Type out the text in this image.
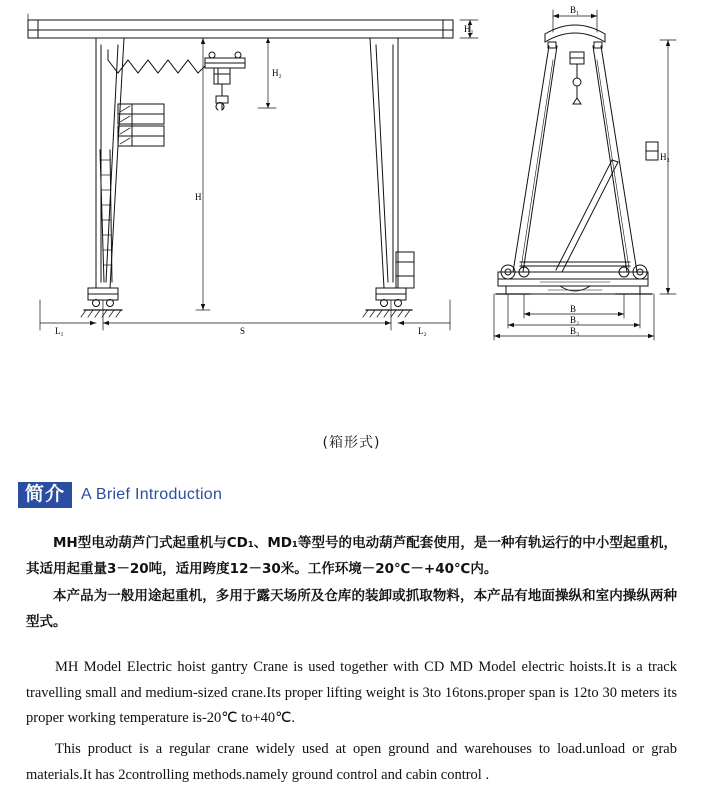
H₁
H₂
H
S
L₁	L₂
B₁
H₃
B
B₂
B₃
(箱形式)
简介	A Brief Introduction

MH型电动葫芦门式起重机与CD₁、MD₁等型号的电动葫芦配套使用，是一种有轨运行的中小型起重机，其适用起重量3－20吨，适用跨度12－30米。工作环境－20℃－+40℃内。

本产品为一般用途起重机，多用于露天场所及仓库的装卸或抓取物料，本产品有地面操纵和室内操纵两种型式。

MH Model Electric hoist gantry Crane is used together with CD MD Model electric hoists.It is a track travelling small and medium-sized crane.Its proper lifting weight is 3to 16tons.proper span is 12to 30 meters its proper working temperature is-20℃ to+40℃.

This product is a regular crane widely used at open ground and warehouses to load.unload or grab materials.It has 2controlling methods.namely ground control and cabin control .
